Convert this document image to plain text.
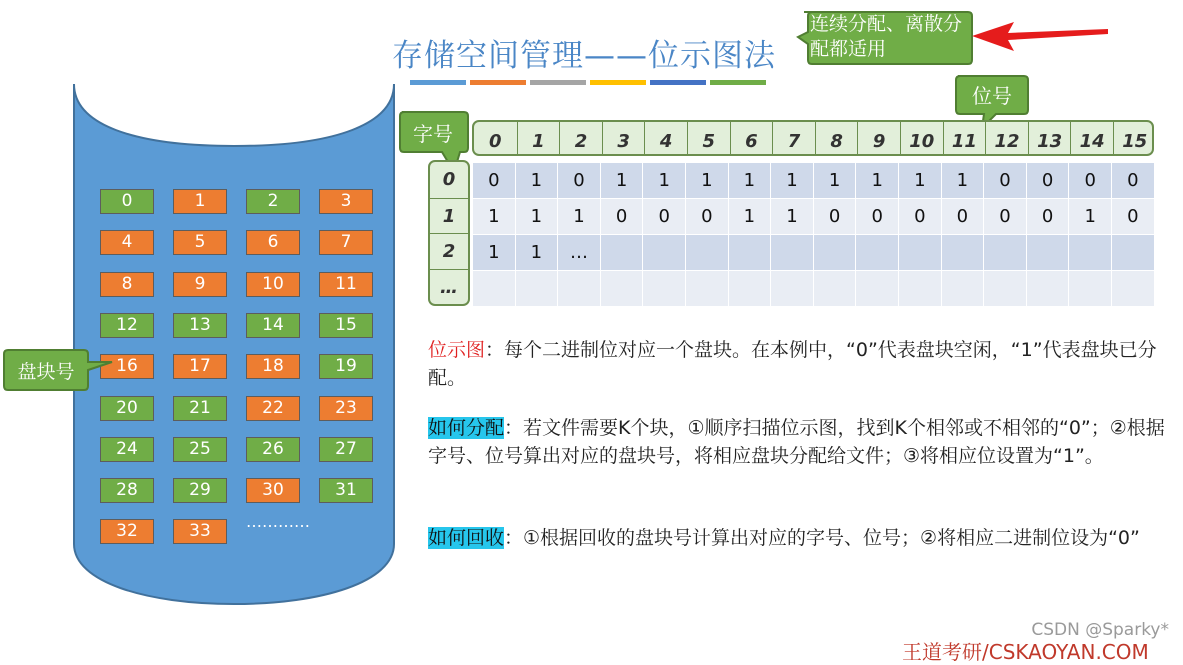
存储空间管理——位示图法
连续分配、离散分配都适用
位号
字号
0	1	2	3
4	5	6	7
8	9	10	11
12	13	14	15
16	17	18	19
20	21	22	23
24	25	26	27
28	29	30	31
32	33	…………
盘块号
0	1	2	3	4	5	6	7	8	9	10 11 12 13 14 15
0
1
2
…
0	1	0	1	1	1	1	1	1	1	1	1	0	0	0	0
1	1	1	0	0	0	1	1	0	0	0	0	0	0	1	0
1	1	…
位示图：每个二进制位对应一个盘块。在本例中，“0”代表盘块空闲，“1”代表盘块已分配。
如何分配：若文件需要K个块，①顺序扫描位示图，找到K个相邻或不相邻的“0”；②根据字号、位号算出对应的盘块号，将相应盘块分配给文件；③将相应位设置为“1”。
如何回收：①根据回收的盘块号计算出对应的字号、位号；②将相应二进制位设为“0”
CSDN @Sparky*
王道考研/CSKAOYAN.COM
